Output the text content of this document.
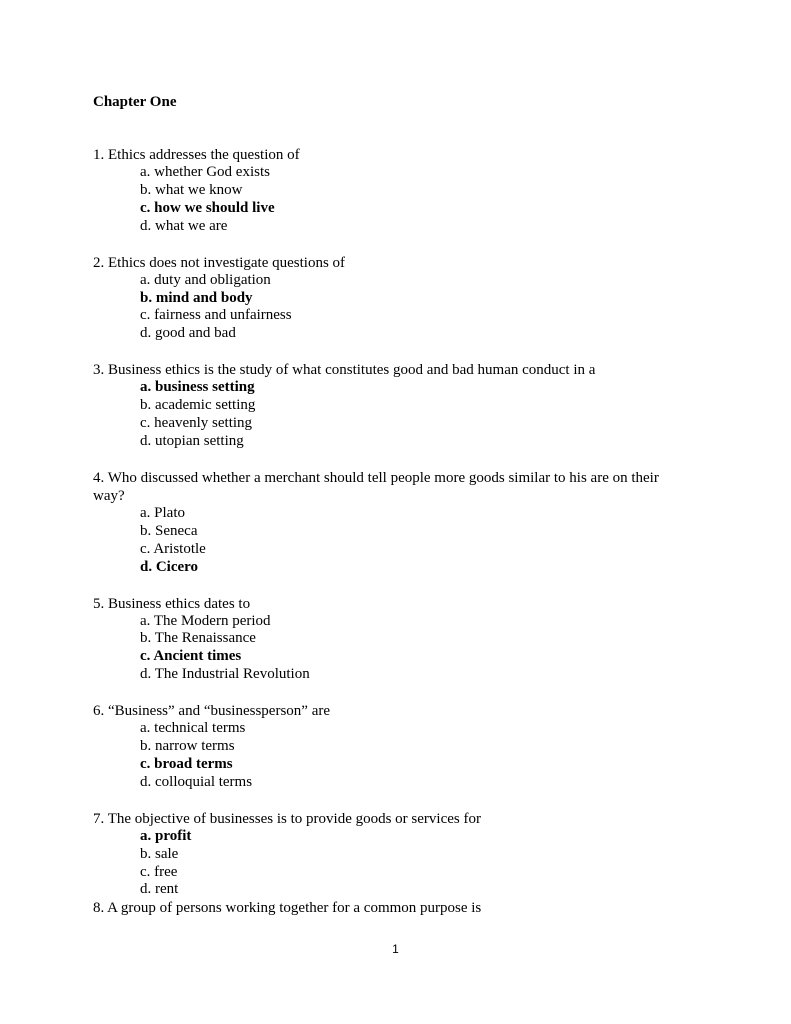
Chapter One
1. Ethics addresses the question of
a. whether God exists
b. what we know
c. how we should live
d. what we are
2. Ethics does not investigate questions of
a. duty and obligation
b. mind and body
c. fairness and unfairness
d. good and bad
3. Business ethics is the study of what constitutes good and bad human conduct in a
a. business setting
b. academic setting
c. heavenly setting
d. utopian setting
4. Who discussed whether a merchant should tell people more goods similar to his are on their way?
a. Plato
b. Seneca
c. Aristotle
d. Cicero
5. Business ethics dates to
a. The Modern period
b. The Renaissance
c. Ancient times
d. The Industrial Revolution
6. “Business” and “businessperson” are
a. technical terms
b. narrow terms
c. broad terms
d. colloquial terms
7. The objective of businesses is to provide goods or services for
a. profit
b. sale
c. free
d. rent
8. A group of persons working together for a common purpose is
1
